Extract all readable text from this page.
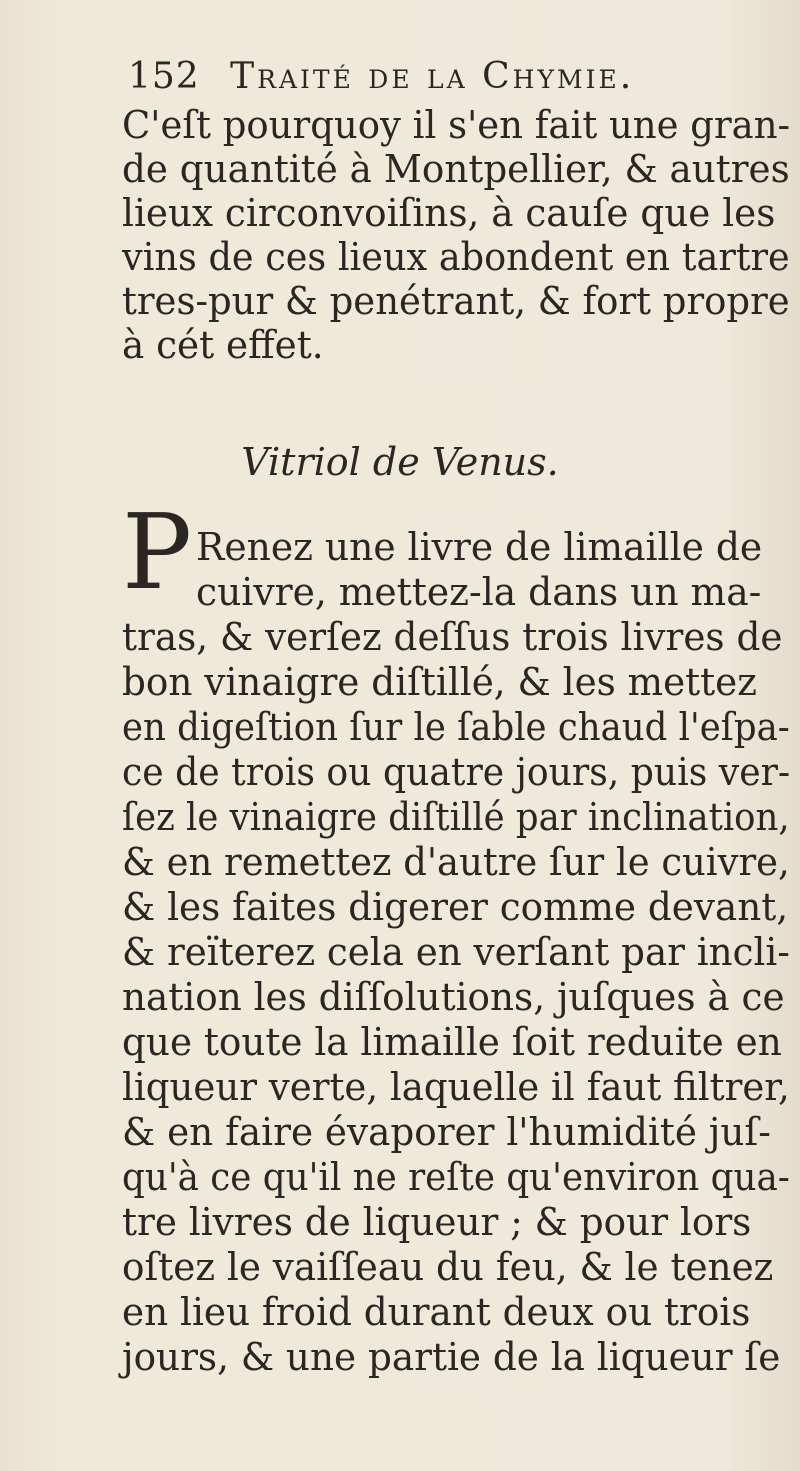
152 Traité de la Chymie.
C'eſt pourquoy il s'en fait une gran-
de quantité à Montpellier, & autres
lieux circonvoiſins, à cauſe que les
vins de ces lieux abondent en tartre
tres-pur & penétrant, & fort propre
à cét effet.
Vitriol de Venus.
P Renez une livre de limaille de
cuivre, mettez-la dans un ma-
tras, & verſez deſſus trois livres de
bon vinaigre diſtillé, & les mettez
en digeſtion ſur le ſable chaud l'eſpa-
ce de trois ou quatre jours, puis ver-
ſez le vinaigre diſtillé par inclination,
& en remettez d'autre ſur le cuivre,
& les faites digerer comme devant,
& reïterez cela en verſant par incli-
nation les diſſolutions, juſques à ce
que toute la limaille ſoit reduite en
liqueur verte, laquelle il faut filtrer,
& en faire évaporer l'humidité juſ-
qu'à ce qu'il ne reſte qu'environ qua-
tre livres de liqueur ; & pour lors
oſtez le vaiſſeau du feu, & le tenez
en lieu froid durant deux ou trois
jours, & une partie de la liqueur ſe
